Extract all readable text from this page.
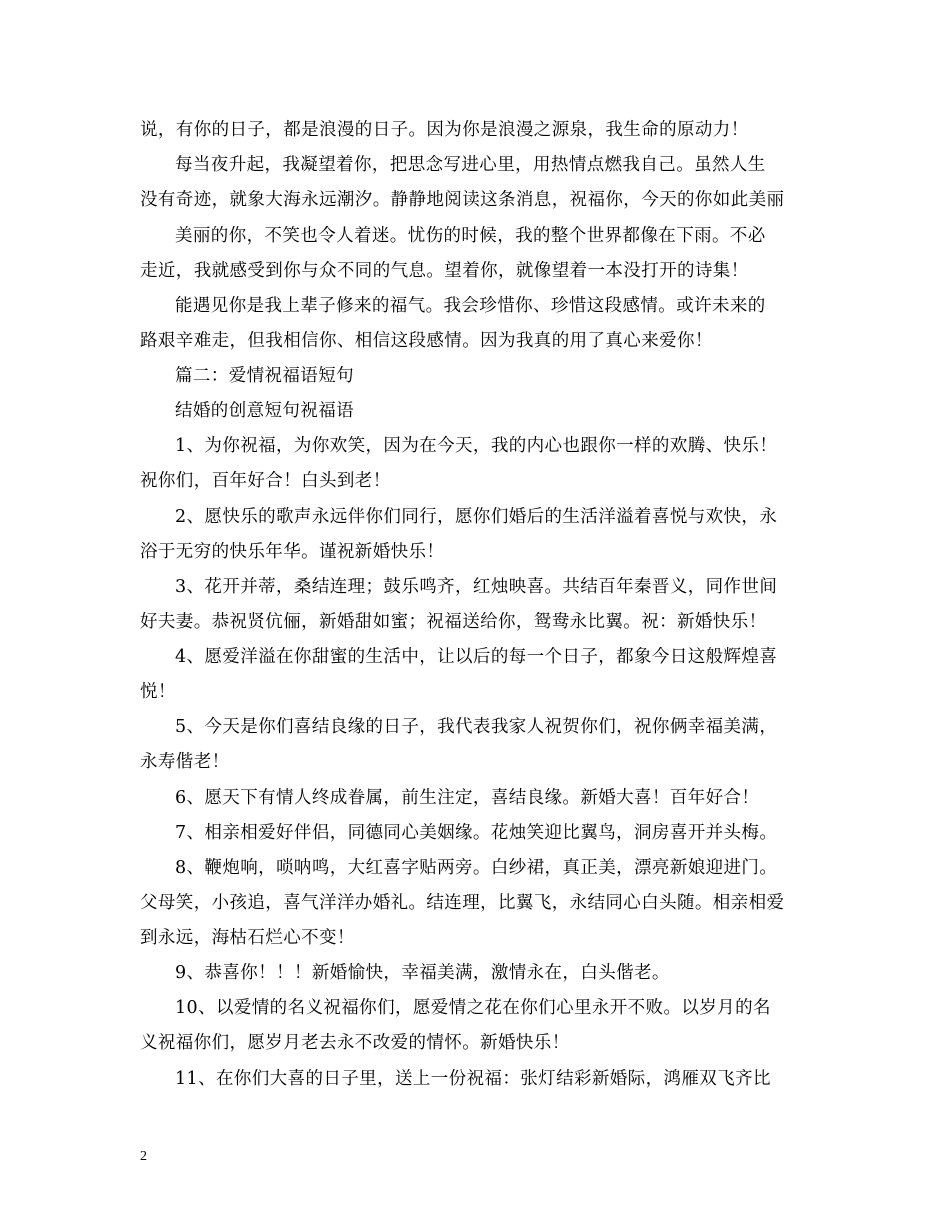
说，有你的日子，都是浪漫的日子。因为你是浪漫之源泉，我生命的原动力！
每当夜升起，我凝望着你，把思念写进心里，用热情点燃我自己。虽然人生
没有奇迹，就象大海永远潮汐。静静地阅读这条消息，祝福你，今天的你如此美丽
美丽的你，不笑也令人着迷。忧伤的时候，我的整个世界都像在下雨。不必
走近，我就感受到你与众不同的气息。望着你，就像望着一本没打开的诗集！
能遇见你是我上辈子修来的福气。我会珍惜你、珍惜这段感情。或许未来的
路艰辛难走，但我相信你、相信这段感情。因为我真的用了真心来爱你！
篇二：爱情祝福语短句
结婚的创意短句祝福语
1、为你祝福，为你欢笑，因为在今天，我的内心也跟你一样的欢腾、快乐！
祝你们，百年好合！白头到老！
2、愿快乐的歌声永远伴你们同行，愿你们婚后的生活洋溢着喜悦与欢快，永
浴于无穷的快乐年华。谨祝新婚快乐！
3、花开并蒂，桑结连理；鼓乐鸣齐，红烛映喜。共结百年秦晋义，同作世间
好夫妻。恭祝贤伉俪，新婚甜如蜜；祝福送给你，鸳鸯永比翼。祝：新婚快乐！
4、愿爱洋溢在你甜蜜的生活中，让以后的每一个日子，都象今日这般辉煌喜
悦！
5、今天是你们喜结良缘的日子，我代表我家人祝贺你们，祝你俩幸福美满，
永寿偕老！
6、愿天下有情人终成眷属，前生注定，喜结良缘。新婚大喜！百年好合！
7、相亲相爱好伴侣，同德同心美姻缘。花烛笑迎比翼鸟，洞房喜开并头梅。
8、鞭炮响，唢呐鸣，大红喜字贴两旁。白纱裙，真正美，漂亮新娘迎进门。
父母笑，小孩追，喜气洋洋办婚礼。结连理，比翼飞，永结同心白头随。相亲相爱
到永远，海枯石烂心不变！
9、恭喜你！！！新婚愉快，幸福美满，激情永在，白头偕老。
10、以爱情的名义祝福你们，愿爱情之花在你们心里永开不败。以岁月的名
义祝福你们，愿岁月老去永不改爱的情怀。新婚快乐！
11、在你们大喜的日子里，送上一份祝福：张灯结彩新婚际，鸿雁双飞齐比
2
